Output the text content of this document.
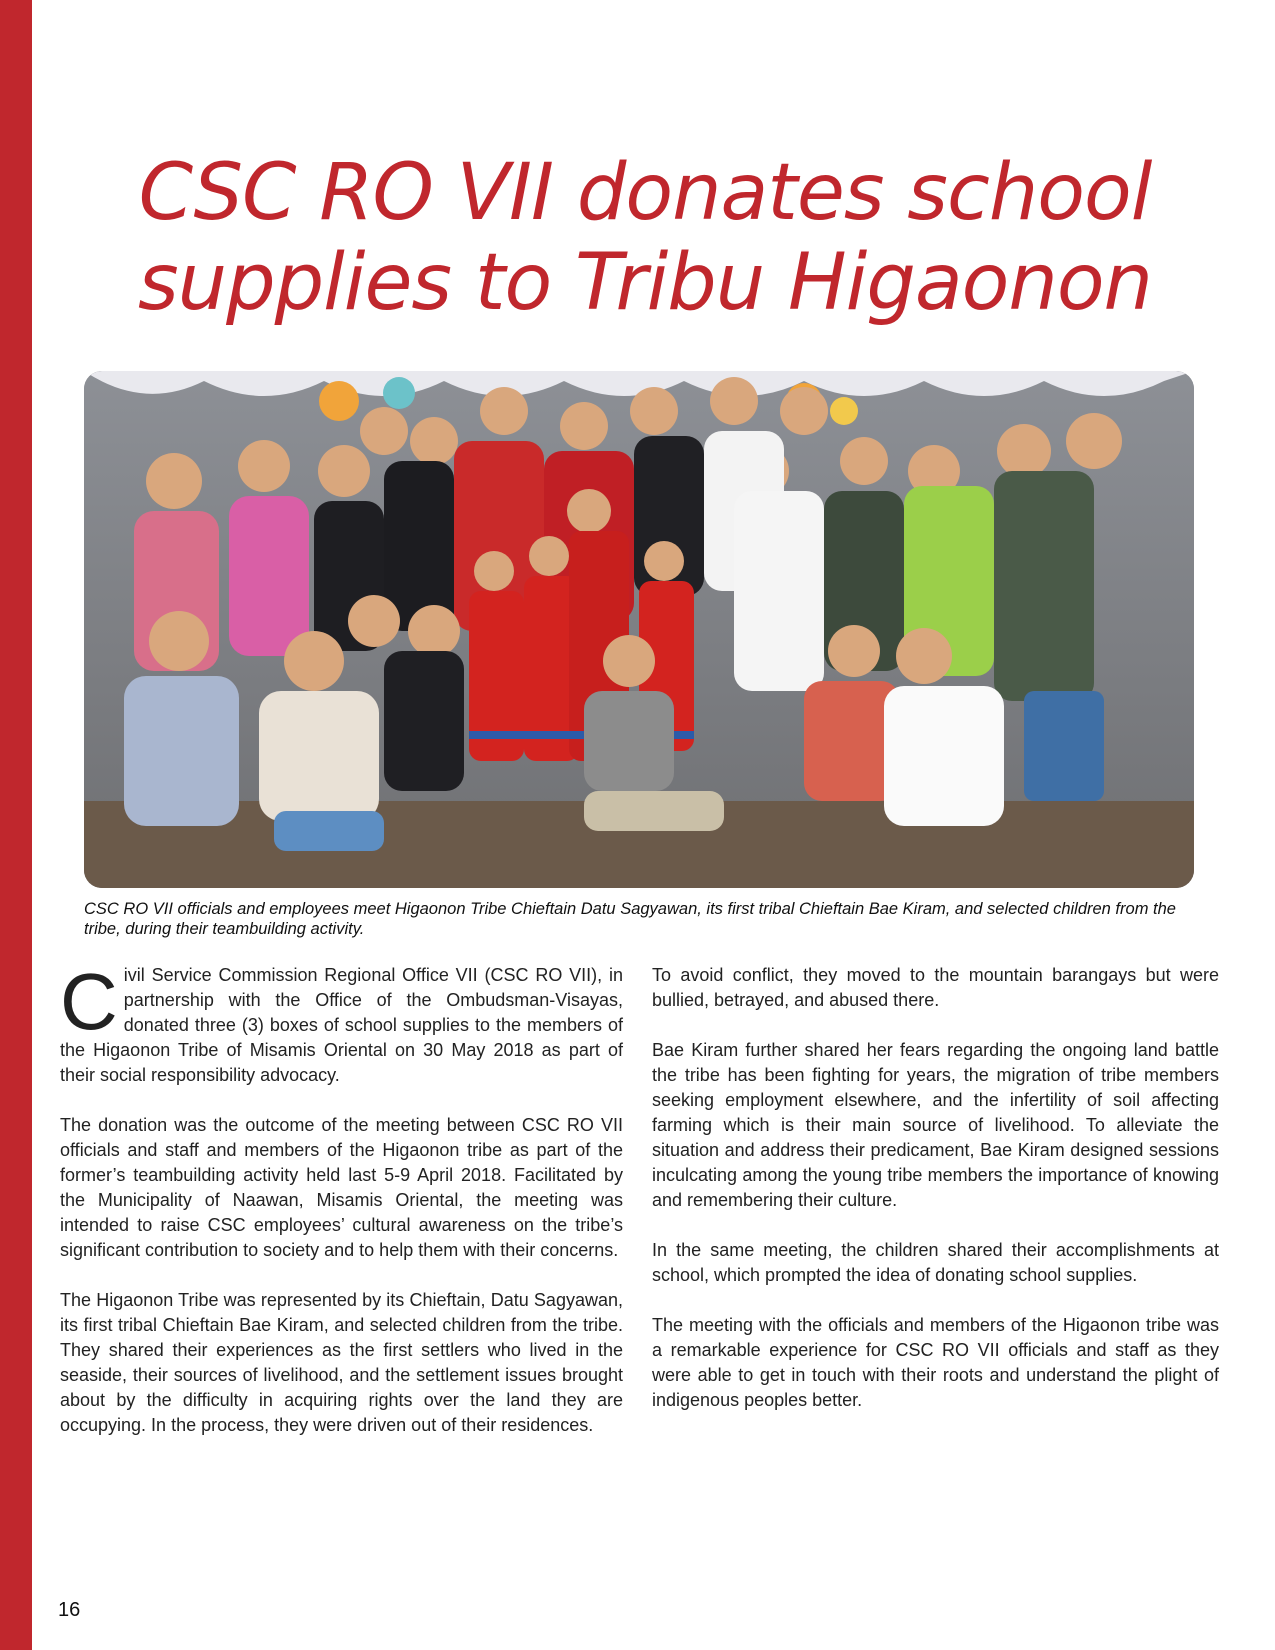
CSC RO VII donates school
supplies to Tribu Higaonon
CSC RO VII officials and employees meet Higaonon Tribe Chieftain Datu Sagyawan, its first tribal Chieftain Bae Kiram, and selected children from the tribe, during their teambuilding activity.

Civil Service Commission Regional Office VII (CSC RO VII), in partnership with the Office of the Ombudsman-Visayas, donated three (3) boxes of school supplies to the members of the Higaonon Tribe of Misamis Oriental on 30 May 2018 as part of their social responsibility advocacy.

The donation was the outcome of the meeting between CSC RO VII officials and staff and members of the Higaonon tribe as part of the former’s teambuilding activity held last 5-9 April 2018. Facilitated by the Municipality of Naawan, Misamis Oriental, the meeting was intended to raise CSC employees’ cultural awareness on the tribe’s significant contribution to society and to help them with their concerns.

The Higaonon Tribe was represented by its Chieftain, Datu Sagyawan, its first tribal Chieftain Bae Kiram, and selected children from the tribe. They shared their experiences as the first settlers who lived in the seaside, their sources of livelihood, and the settlement issues brought about by the difficulty in acquiring rights over the land they are occupying. In the process, they were driven out of their residences.

To avoid conflict, they moved to the mountain barangays but were bullied, betrayed, and abused there.

Bae Kiram further shared her fears regarding the ongoing land battle the tribe has been fighting for years, the migration of tribe members seeking employment elsewhere, and the infertility of soil affecting farming which is their main source of livelihood. To alleviate the situation and address their predicament, Bae Kiram designed sessions inculcating among the young tribe members the importance of knowing and remembering their culture.

In the same meeting, the children shared their accomplishments at school, which prompted the idea of donating school supplies.

The meeting with the officials and members of the Higaonon tribe was a remarkable experience for CSC RO VII officials and staff as they were able to get in touch with their roots and understand the plight of indigenous peoples better.

16
